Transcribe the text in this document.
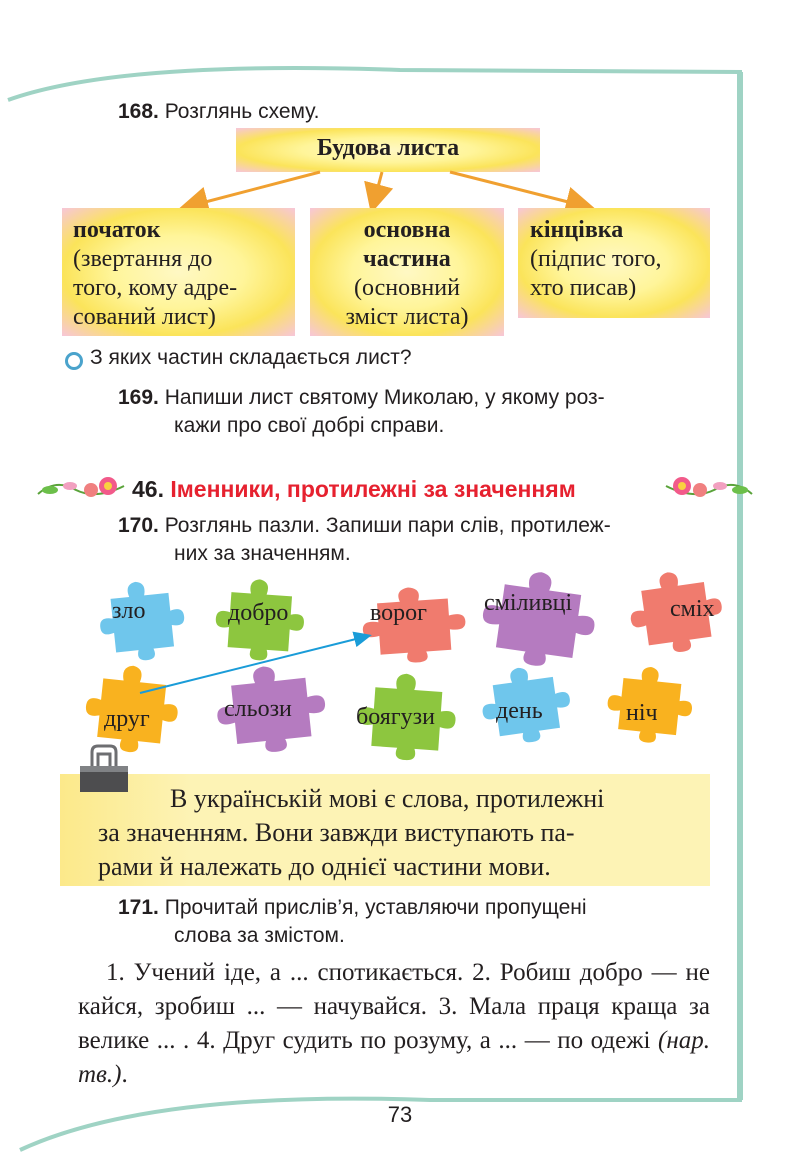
168. Розглянь схему.
Будова листа
початок
(звертання до
того, кому адре-
сований лист)
основна
частина
(основний
зміст листа)
кінцівка
(підпис того,
хто писав)
З яких частин складається лист?
169. Напиши лист святому Миколаю, у якому роз-
кажи про свої добрі справи.
46. Іменники, протилежні за значенням
170. Розглянь пазли. Запиши пари слів, протилеж-
них за значенням.
зло	добро	ворог сміливці	сміх
друг	сльози	боягузи	день	ніч
В українській мові є слова, протилежні
за значенням. Вони завжди виступають па-
рами й належать до однієї частини мови.
171. Прочитай прислів’я, уставляючи пропущені
слова за змістом.
1. Учений іде, а ... спотикається. 2. Робиш добро — не кайся, зробиш ... — начувайся. 3. Мала праця краща за велике ... . 4. Друг судить по розуму, а ... — по одежі (нар. тв.).
73
